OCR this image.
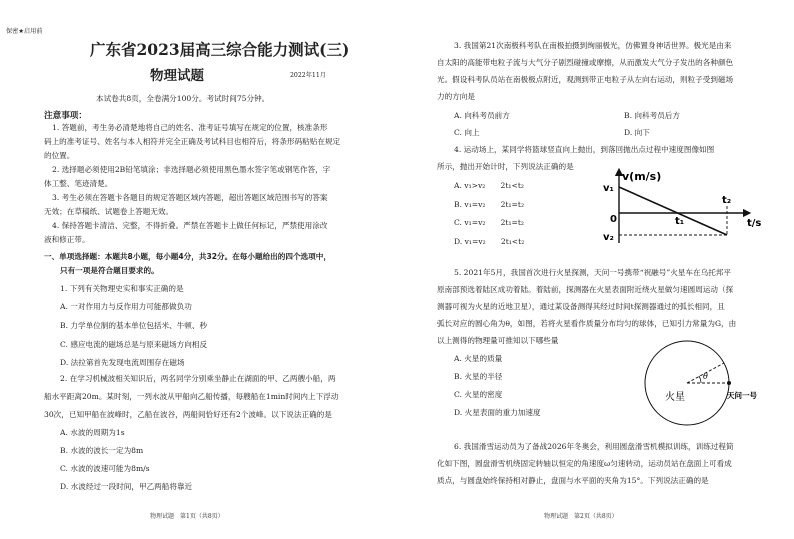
保密★启用前
广东省2023届高三综合能力测试(三)
物理试题	2022年11月
本试卷共8页，全卷满分100分。考试时间75分钟。
注意事项：
1. 答题前，考生务必清楚地将自己的姓名、准考证号填写在规定的位置，核准条形
码上的准考证号、姓名与本人相符并完全正确及考试科目也相符后，将条形码粘贴在规定
的位置。
2. 选择题必须使用2B铅笔填涂；非选择题必须使用黑色墨水签字笔或钢笔作答，字
体工整、笔迹清楚。
3. 考生必须在答题卡各题目的规定答题区域内答题，超出答题区域范围书写的答案
无效；在草稿纸、试题卷上答题无效。
4. 保持答题卡清洁、完整，不得折叠。严禁在答题卡上做任何标记，严禁使用涂改
液和修正带。
一、单项选择题：本题共8小题，每小题4分，共32分。在每小题给出的四个选项中，
只有一项是符合题目要求的。
1. 下列有关物理史实和事实正确的是
A. 一对作用力与反作用力可能都做负功
B. 力学单位制的基本单位包括米、牛顿、秒
C. 感应电流的磁场总是与原来磁场方向相反
D. 法拉第首先发现电流周围存在磁场
2. 在学习机械波相关知识后，两名同学分别乘坐静止在湖面的甲、乙两艘小船，两
船水平距离20m。某时刻，一列水波从甲船向乙船传播，每艘船在1min时间内上下浮动
30次，已知甲船在波峰时，乙船在波谷，两船间恰好还有2个波峰。以下说法正确的是
A. 水波的周期为1s
B. 水波的波长一定为8m
C. 水波的波速可能为8m/s
D. 水波经过一段时间，甲乙两船将靠近
物理试题　第1页（共8页）
3. 我国第21次南极科考队在南极拍摄到绚丽极光，仿佛置身神话世界。极光是由来
自太阳的高能带电粒子流与大气分子剧烈碰撞或摩擦，从而激发大气分子发出的各种颜色
光。假设科考队员站在南极极点附近，观测到带正电粒子从左向右运动，则粒子受到磁场
力的方向是
A. 向科考员前方	B. 向科考员后方
C. 向上	D. 向下
4. 运动场上，某同学将篮球竖直向上抛出，到落回抛出点过程中速度图像如图
所示，抛出开始计时，下列说法正确的是
A. v₁>v₂　　2t₁<t₂
B. v₁=v₂　　2t₁=t₂
C. v₁=v₂　　2t₁=t₂
D. v₁=v₂　　2t₁<t₂
v(m/s)
v₁
v₂
0	t₁
t₂
t/s
5. 2021年5月，我国首次进行火星探测，天问一号携带“祝融号”火星车在乌托邦平
原南部预选着陆区成功着陆。着陆前，探测器在火星表面附近绕火星做匀速圆周运动（探
测器可视为火星的近地卫星），通过某设备测得其经过时间t探测器通过的弧长相同，且
弧长对应的圆心角为θ，如图，若将火星看作质量分布均匀的球体，已知引力常量为G，由
以上测得的物理量可推知以下哪些量
A. 火星的质量
B. 火星的半径
C. 火星的密度
D. 火星表面的重力加速度
θ
火星	天问一号
6. 我国滑雪运动员为了备战2026年冬奥会，利用圆盘滑雪机模拟训练，训练过程简
化如下图，圆盘滑雪机绕固定转轴以恒定的角速度ω匀速转动，运动员站在盘面上可看成
质点，与圆盘始终保持相对静止，盘面与水平面的夹角为15°。下列说法正确的是
物理试题　第2页（共8页）
